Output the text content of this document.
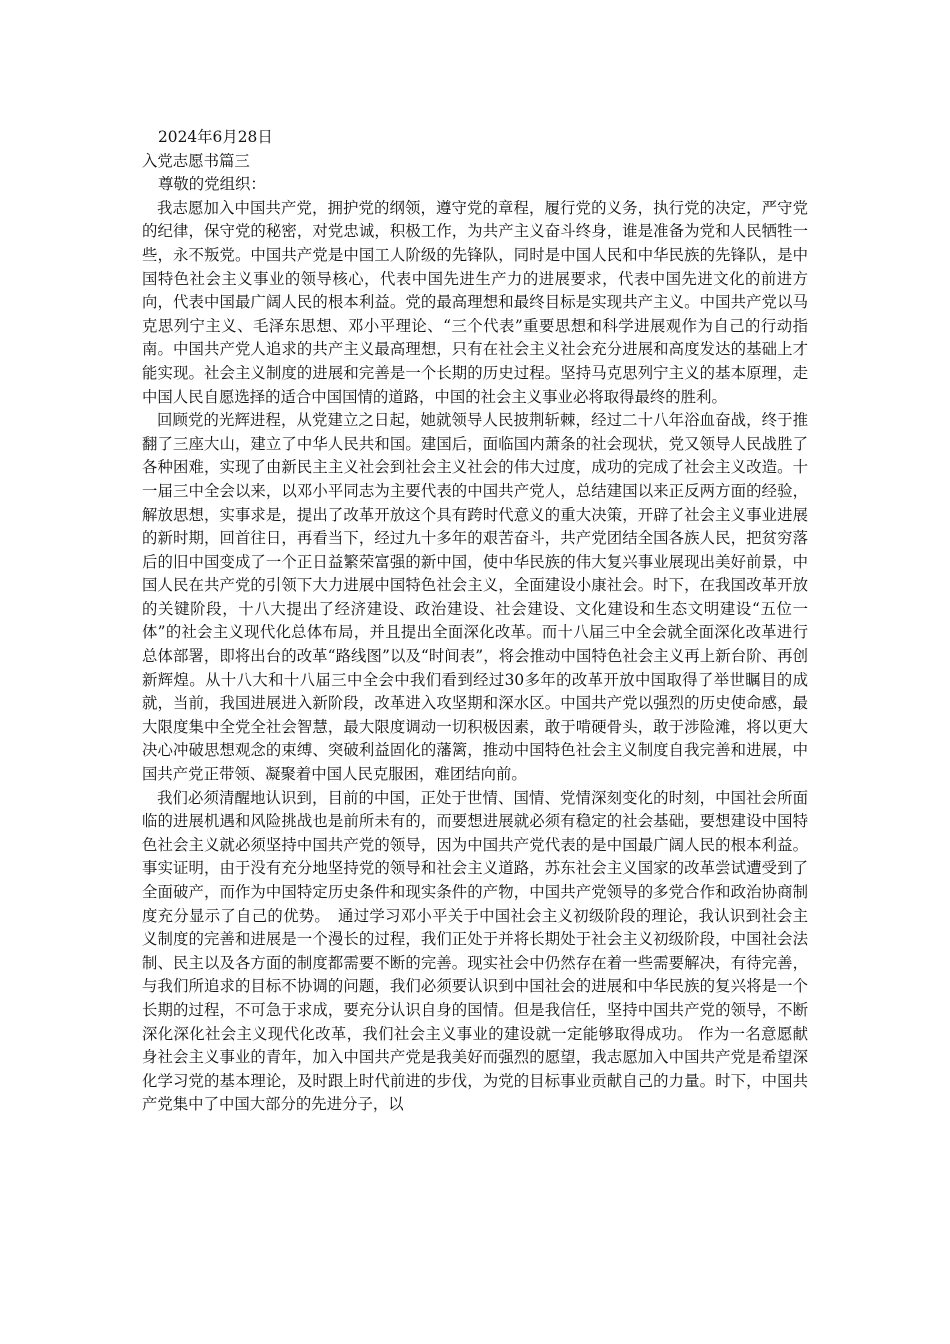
2024年6月28日

入党志愿书篇三

尊敬的党组织：

我志愿加入中国共产党，拥护党的纲领，遵守党的章程，履行党的义务，执行党的决定，严守党的纪律，保守党的秘密，对党忠诚，积极工作，为共产主义奋斗终身，谁是准备为党和人民牺牲一些，永不叛党。中国共产党是中国工人阶级的先锋队，同时是中国人民和中华民族的先锋队，是中国特色社会主义事业的领导核心，代表中国先进生产力的进展要求，代表中国先进文化的前进方向，代表中国最广阔人民的根本利益。党的最高理想和最终目标是实现共产主义。中国共产党以马克思列宁主义、毛泽东思想、邓小平理论、“三个代表”重要思想和科学进展观作为自己的行动指南。中国共产党人追求的共产主义最高理想，只有在社会主义社会充分进展和高度发达的基础上才能实现。社会主义制度的进展和完善是一个长期的历史过程。坚持马克思列宁主义的基本原理，走中国人民自愿选择的适合中国国情的道路，中国的社会主义事业必将取得最终的胜利。

回顾党的光辉进程，从党建立之日起，她就领导人民披荆斩棘，经过二十八年浴血奋战，终于推翻了三座大山，建立了中华人民共和国。建国后，面临国内萧条的社会现状，党又领导人民战胜了各种困难，实现了由新民主主义社会到社会主义社会的伟大过度，成功的完成了社会主义改造。十一届三中全会以来，以邓小平同志为主要代表的中国共产党人，总结建国以来正反两方面的经验，解放思想，实事求是，提出了改革开放这个具有跨时代意义的重大决策，开辟了社会主义事业进展的新时期，回首往日，再看当下，经过九十多年的艰苦奋斗，共产党团结全国各族人民，把贫穷落后的旧中国变成了一个正日益繁荣富强的新中国，使中华民族的伟大复兴事业展现出美好前景，中国人民在共产党的引领下大力进展中国特色社会主义，全面建设小康社会。时下，在我国改革开放的关键阶段，十八大提出了经济建设、政治建设、社会建设、文化建设和生态文明建设“五位一体”的社会主义现代化总体布局，并且提出全面深化改革。而十八届三中全会就全面深化改革进行总体部署，即将出台的改革“路线图”以及“时间表”，将会推动中国特色社会主义再上新台阶、再创新辉煌。从十八大和十八届三中全会中我们看到经过30多年的改革开放中国取得了举世瞩目的成就，当前，我国进展进入新阶段，改革进入攻坚期和深水区。中国共产党以强烈的历史使命感，最大限度集中全党全社会智慧，最大限度调动一切积极因素，敢于啃硬骨头，敢于涉险滩，将以更大决心冲破思想观念的束缚、突破利益固化的藩篱，推动中国特色社会主义制度自我完善和进展，中国共产党正带领、凝聚着中国人民克服困，难团结向前。

我们必须清醒地认识到，目前的中国，正处于世情、国情、党情深刻变化的时刻，中国社会所面临的进展机遇和风险挑战也是前所未有的，而要想进展就必须有稳定的社会基础，要想建设中国特色社会主义就必须坚持中国共产党的领导，因为中国共产党代表的是中国最广阔人民的根本利益。事实证明，由于没有充分地坚持党的领导和社会主义道路，苏东社会主义国家的改革尝试遭受到了全面破产，而作为中国特定历史条件和现实条件的产物，中国共产党领导的多党合作和政治协商制度充分显示了自己的优势。　通过学习邓小平关于中国社会主义初级阶段的理论，我认识到社会主义制度的完善和进展是一个漫长的过程，我们正处于并将长期处于社会主义初级阶段，中国社会法制、民主以及各方面的制度都需要不断的完善。现实社会中仍然存在着一些需要解决，有待完善，与我们所追求的目标不协调的问题，我们必须要认识到中国社会的进展和中华民族的复兴将是一个长期的过程，不可急于求成，要充分认识自身的国情。但是我信任，坚持中国共产党的领导，不断深化深化社会主义现代化改革，我们社会主义事业的建设就一定能够取得成功。 作为一名意愿献身社会主义事业的青年，加入中国共产党是我美好而强烈的愿望，我志愿加入中国共产党是希望深化学习党的基本理论，及时跟上时代前进的步伐，为党的目标事业贡献自己的力量。时下，中国共产党集中了中国大部分的先进分子，以
